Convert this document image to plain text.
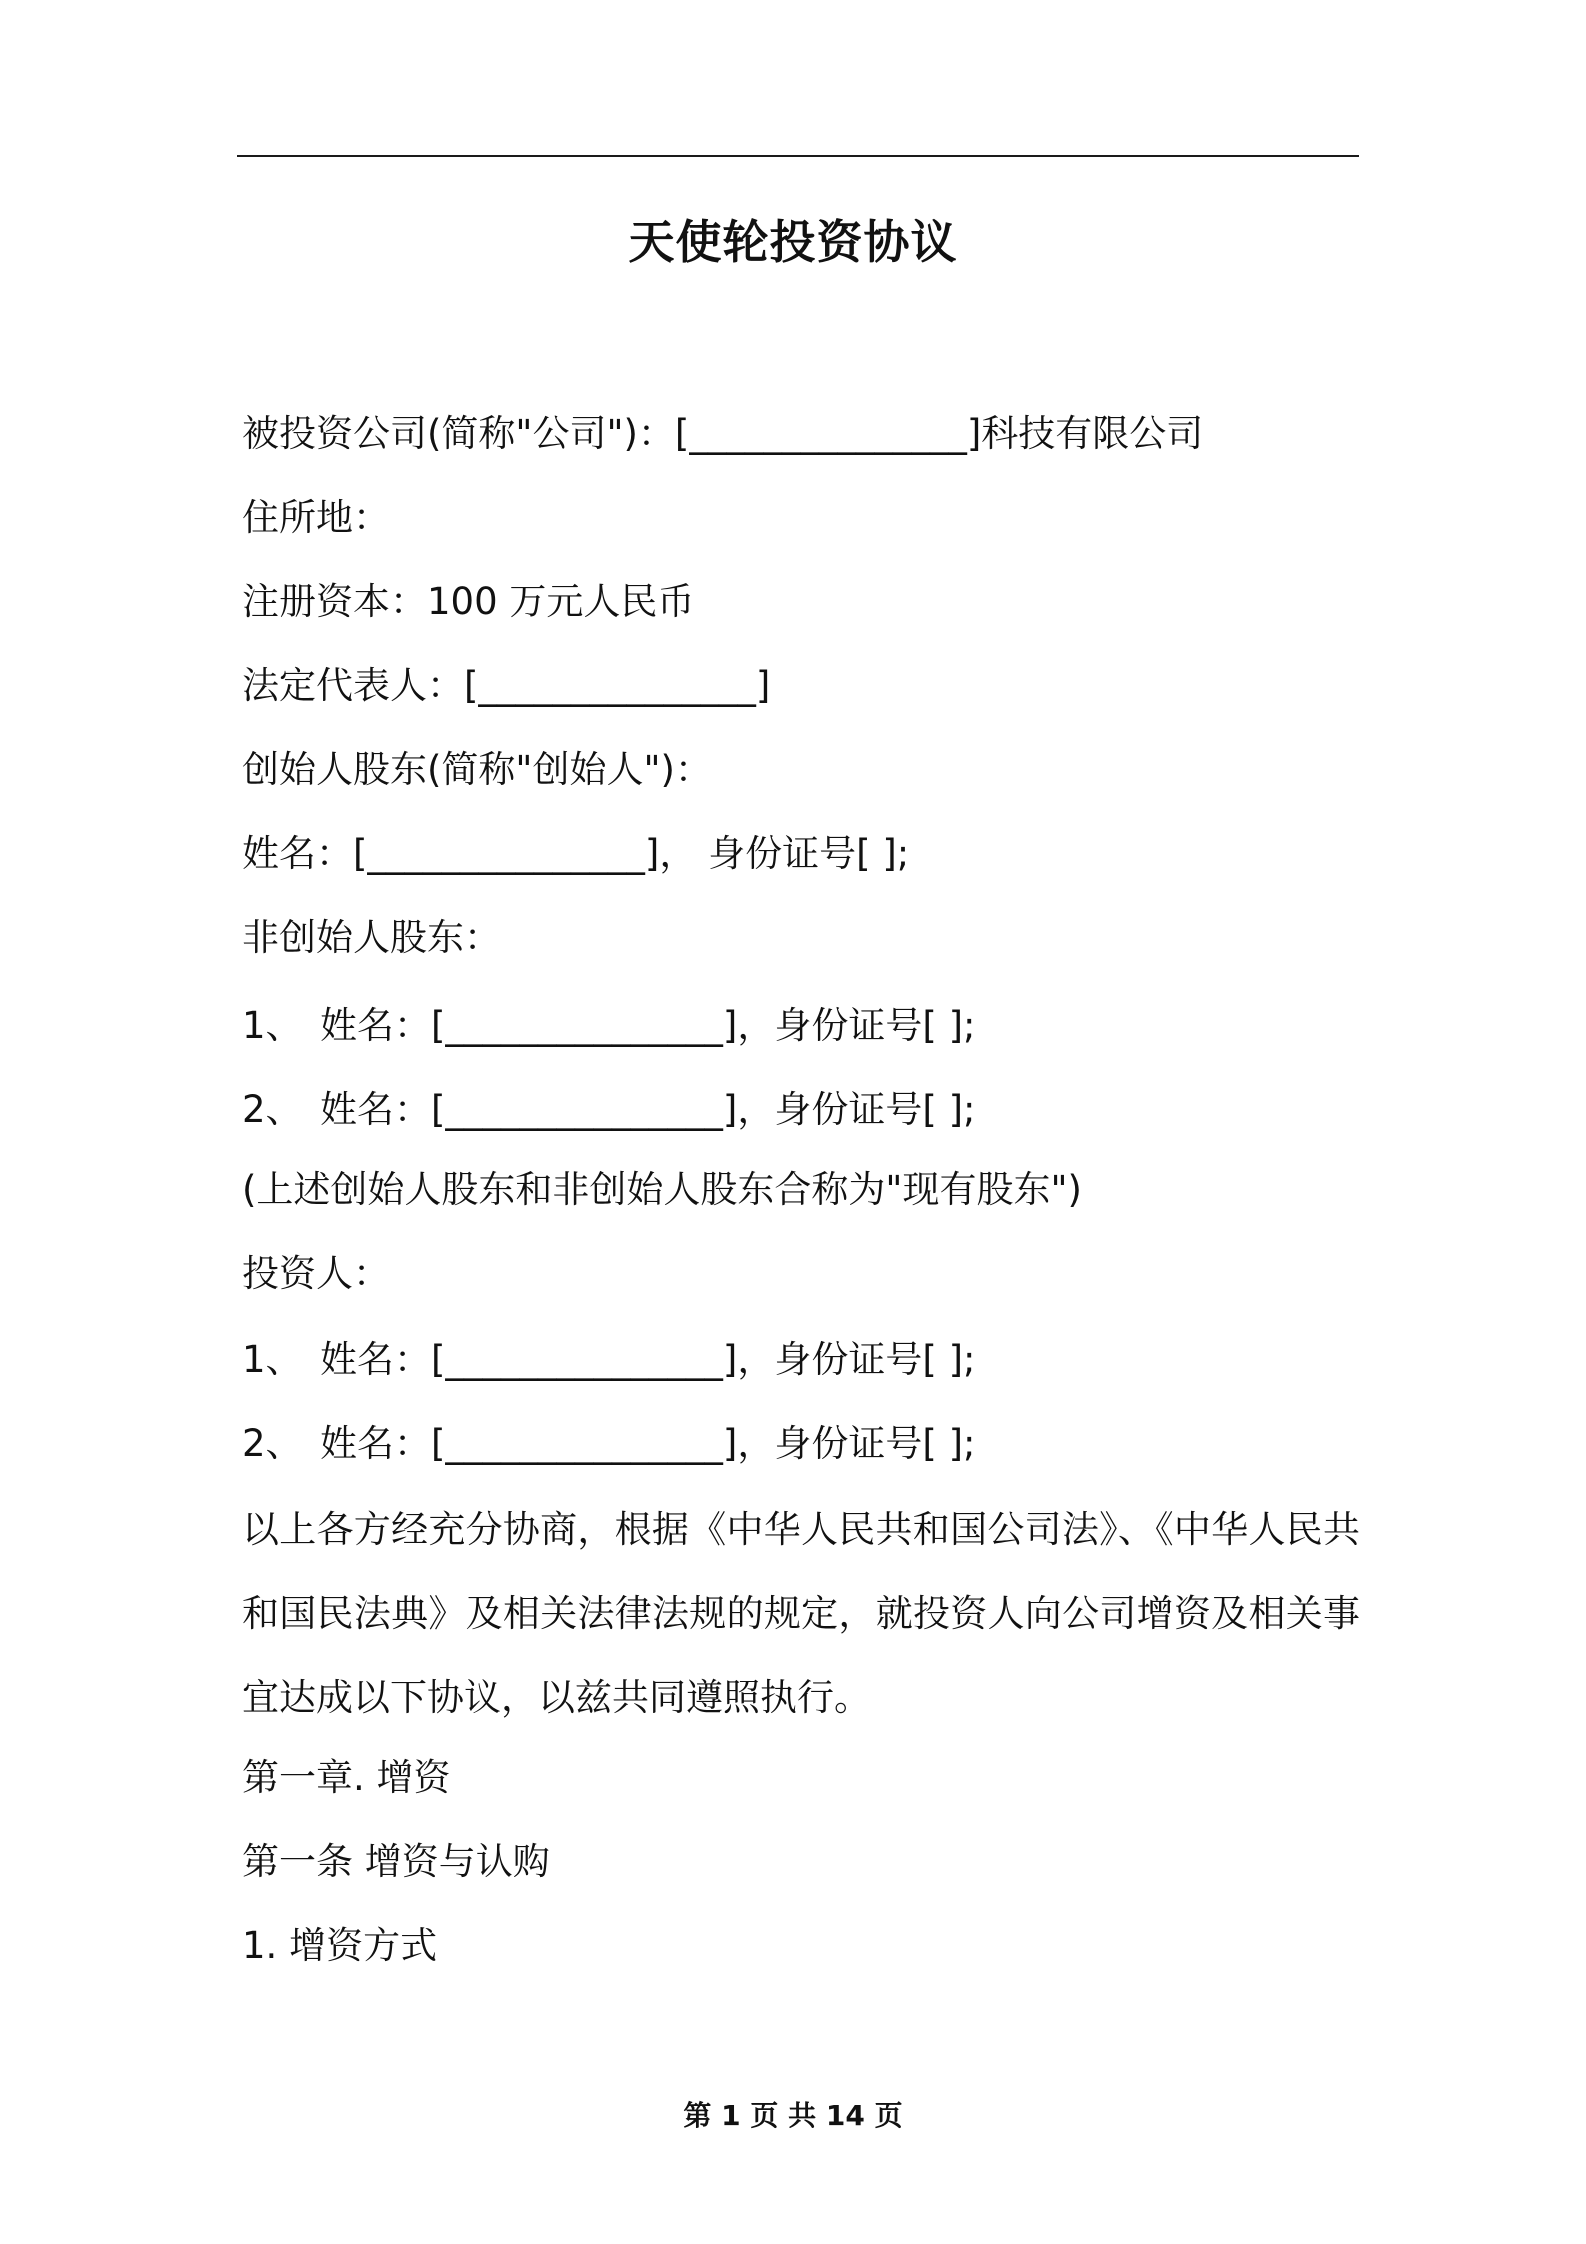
天使轮投资协议
被投资公司(简称"公司")：[_______________]科技有限公司
住所地：
注册资本：100 万元人民币
法定代表人：[_______________]
创始人股东(简称"创始人")：
姓名：[_______________]， 身份证号[ ];
非创始人股东：
1、 姓名：[_______________]，身份证号[ ];
2、 姓名：[_______________]，身份证号[ ];
(上述创始人股东和非创始人股东合称为"现有股东")
投资人：
1、 姓名：[_______________]，身份证号[ ];
2、 姓名：[_______________]，身份证号[ ];
以上各方经充分协商，根据《中华人民共和国公司法》、《中华人民共和国民法典》及相关法律法规的规定，就投资人向公司增资及相关事宜达成以下协议，以兹共同遵照执行。
第一章. 增资
第一条 增资与认购
1. 增资方式
第 1 页 共 14 页
